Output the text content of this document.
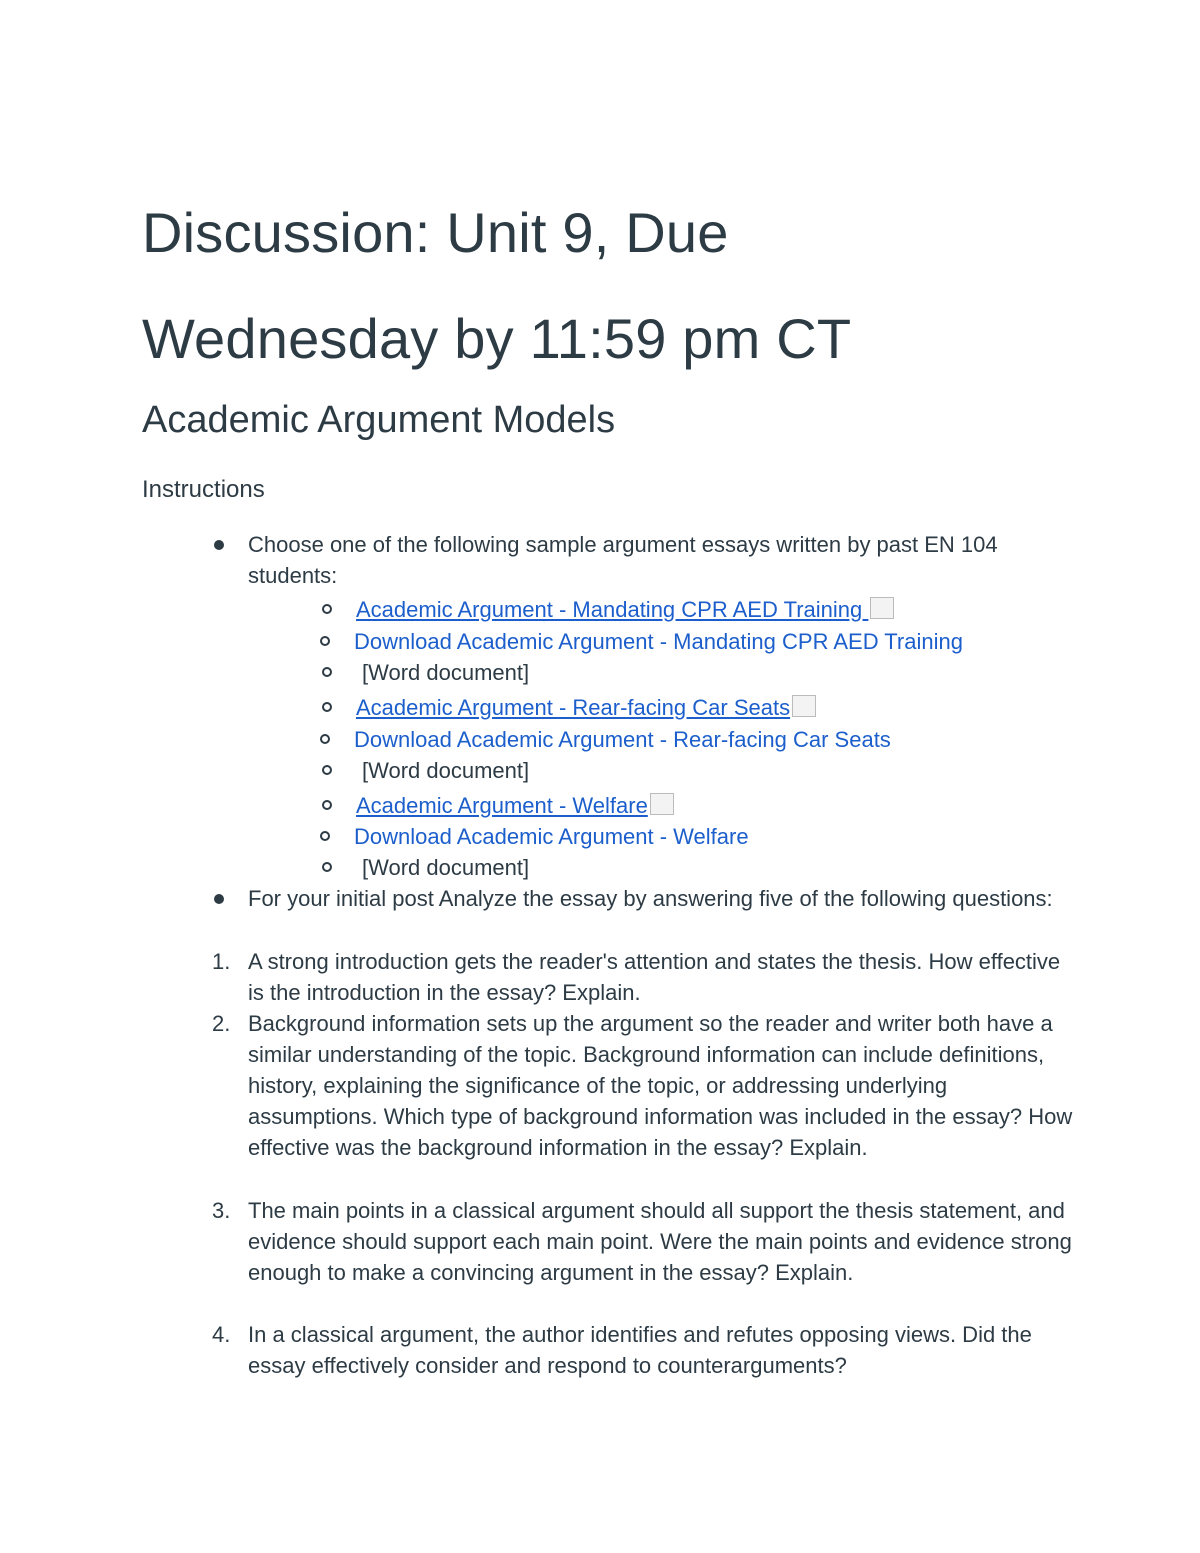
Discussion: Unit 9, Due
Wednesday by 11:59 pm CT
Academic Argument Models
Instructions
Choose one of the following sample argument essays written by past EN 104 students:
Academic Argument - Mandating CPR AED Training
Download Academic Argument - Mandating CPR AED Training
[Word document]
Academic Argument - Rear-facing Car Seats
Download Academic Argument - Rear-facing Car Seats
[Word document]
Academic Argument - Welfare
Download Academic Argument - Welfare
[Word document]
For your initial post Analyze the essay by answering five of the following questions:
1. A strong introduction gets the reader's attention and states the thesis. How effective is the introduction in the essay? Explain.
2. Background information sets up the argument so the reader and writer both have a similar understanding of the topic. Background information can include definitions, history, explaining the significance of the topic, or addressing underlying assumptions. Which type of background information was included in the essay? How effective was the background information in the essay? Explain.
3. The main points in a classical argument should all support the thesis statement, and evidence should support each main point. Were the main points and evidence strong enough to make a convincing argument in the essay? Explain.
4. In a classical argument, the author identifies and refutes opposing views. Did the essay effectively consider and respond to counterarguments?
